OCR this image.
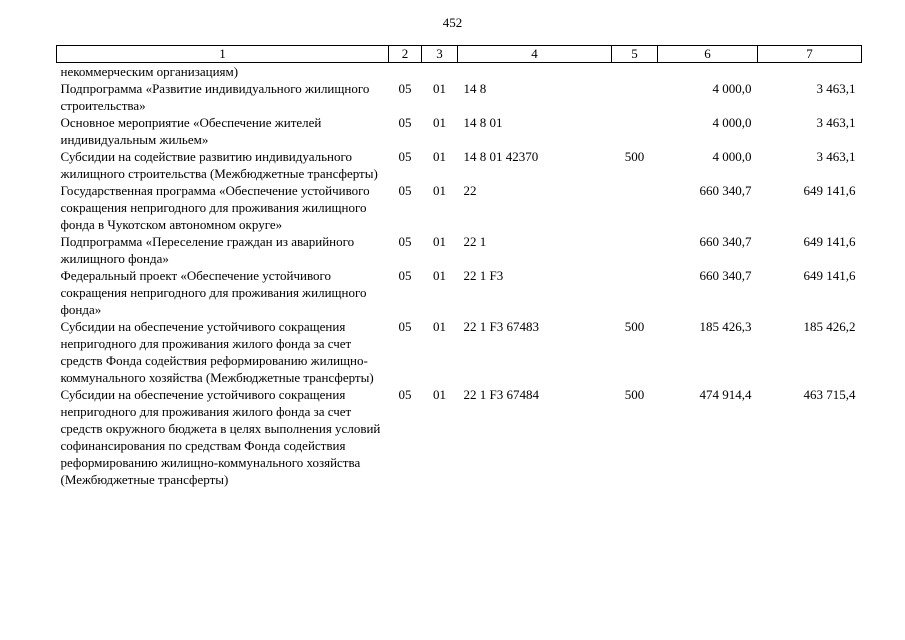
452
1	2	3	4	5	6	7
некоммерческим организациям)						
Подпрограмма «Развитие индивидуального жилищного строительства»	05	01	14 8		4 000,0	3 463,1
Основное мероприятие «Обеспечение жителей индивидуальным жильем»	05	01	14 8 01		4 000,0	3 463,1
Субсидии на содействие развитию индивидуального жилищного строительства (Межбюджетные трансферты)	05	01	14 8 01 42370	500	4 000,0	3 463,1
Государственная программа «Обеспечение устойчивого сокращения непригодного для проживания жилищного фонда в Чукотском автономном округе»	05	01	22		660 340,7	649 141,6
Подпрограмма «Переселение граждан из аварийного жилищного фонда»	05	01	22 1		660 340,7	649 141,6
Федеральный проект «Обеспечение устойчивого сокращения непригодного для проживания жилищного фонда»	05	01	22 1 F3		660 340,7	649 141,6
Субсидии на обеспечение устойчивого сокращения непригодного для проживания жилого фонда за счет средств Фонда содействия реформированию жилищно-коммунального хозяйства (Межбюджетные трансферты)	05	01	22 1 F3 67483	500	185 426,3	185 426,2
Субсидии на обеспечение устойчивого сокращения непригодного для проживания жилого фонда за счет средств окружного бюджета в целях выполнения условий софинансирования по средствам Фонда содействия реформированию жилищно-коммунального хозяйства (Межбюджетные трансферты)	05	01	22 1 F3 67484	500	474 914,4	463 715,4
